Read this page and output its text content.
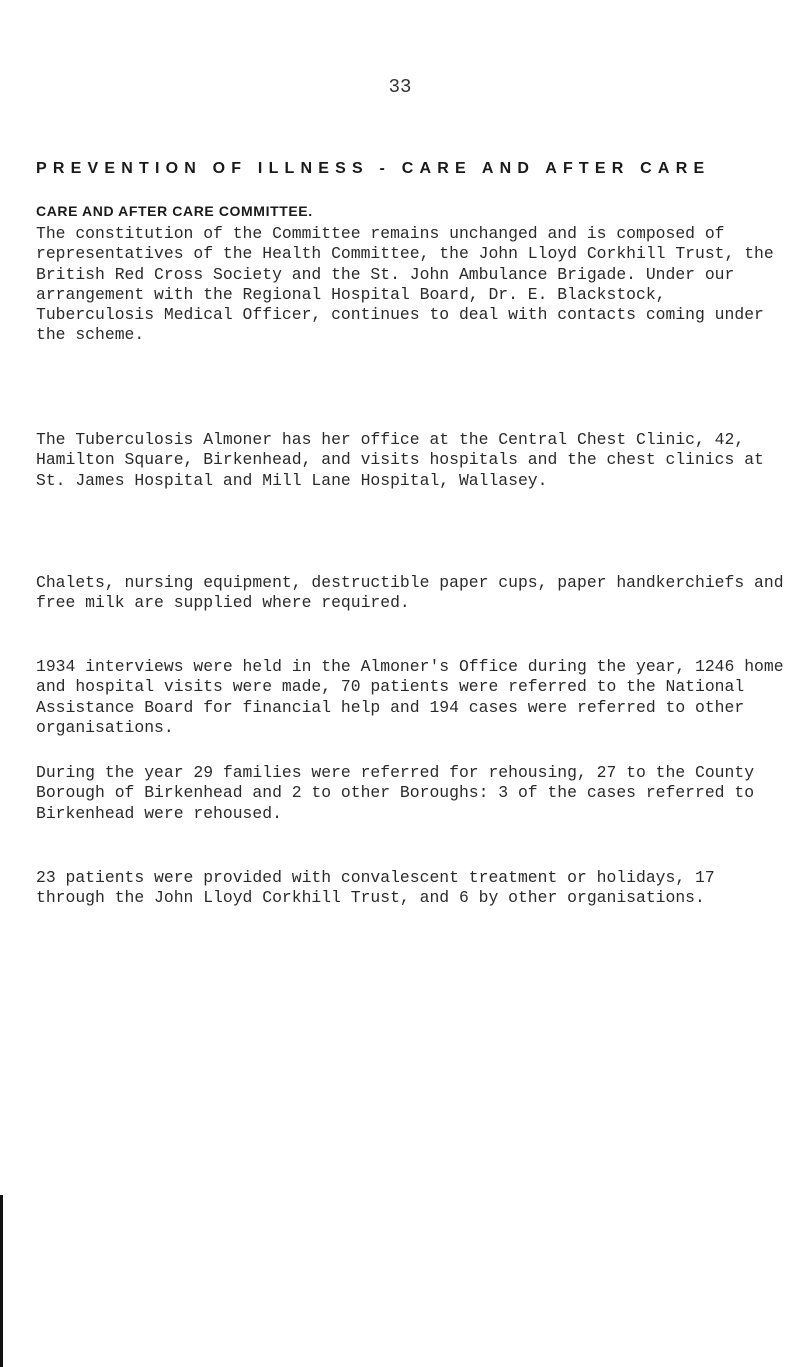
33
PREVENTION OF ILLNESS - CARE AND AFTER CARE
CARE AND AFTER CARE COMMITTEE.

The constitution of the Committee remains unchanged and is composed of representatives of the Health Committee, the John Lloyd Corkhill Trust, the British Red Cross Society and the St. John Ambulance Brigade. Under our arrangement with the Regional Hospital Board, Dr. E. Blackstock, Tuberculosis Medical Officer, continues to deal with contacts coming under the scheme.

The Tuberculosis Almoner has her office at the Central Chest Clinic, 42, Hamilton Square, Birkenhead, and visits hospitals and the chest clinics at St. James Hospital and Mill Lane Hospital, Wallasey.

Chalets, nursing equipment, destructible paper cups, paper handkerchiefs and free milk are supplied where required.

1934 interviews were held in the Almoner's Office during the year, 1246 home and hospital visits were made, 70 patients were referred to the National Assistance Board for financial help and 194 cases were referred to other organisations.

During the year 29 families were referred for rehousing, 27 to the County Borough of Birkenhead and 2 to other Boroughs: 3 of the cases referred to Birkenhead were rehoused.

23 patients were provided with convalescent treatment or holidays, 17 through the John Lloyd Corkhill Trust, and 6 by other organisations.
